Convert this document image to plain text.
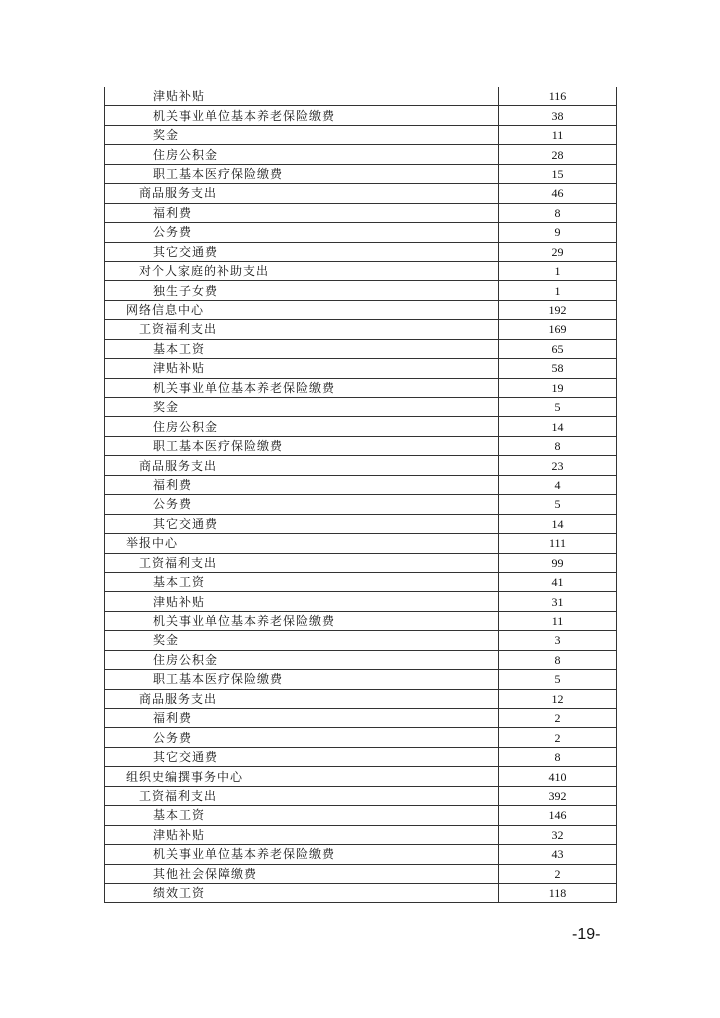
津贴补贴	116
机关事业单位基本养老保险缴费	38
奖金	11
住房公积金	28
职工基本医疗保险缴费	15
商品服务支出	46
福利费	8
公务费	9
其它交通费	29
对个人家庭的补助支出	1
独生子女费	1
网络信息中心	192
工资福利支出	169
基本工资	65
津贴补贴	58
机关事业单位基本养老保险缴费	19
奖金	5
住房公积金	14
职工基本医疗保险缴费	8
商品服务支出	23
福利费	4
公务费	5
其它交通费	14
举报中心	111
工资福利支出	99
基本工资	41
津贴补贴	31
机关事业单位基本养老保险缴费	11
奖金	3
住房公积金	8
职工基本医疗保险缴费	5
商品服务支出	12
福利费	2
公务费	2
其它交通费	8
组织史编撰事务中心	410
工资福利支出	392
基本工资	146
津贴补贴	32
机关事业单位基本养老保险缴费	43
其他社会保障缴费	2
绩效工资	118
-19-
